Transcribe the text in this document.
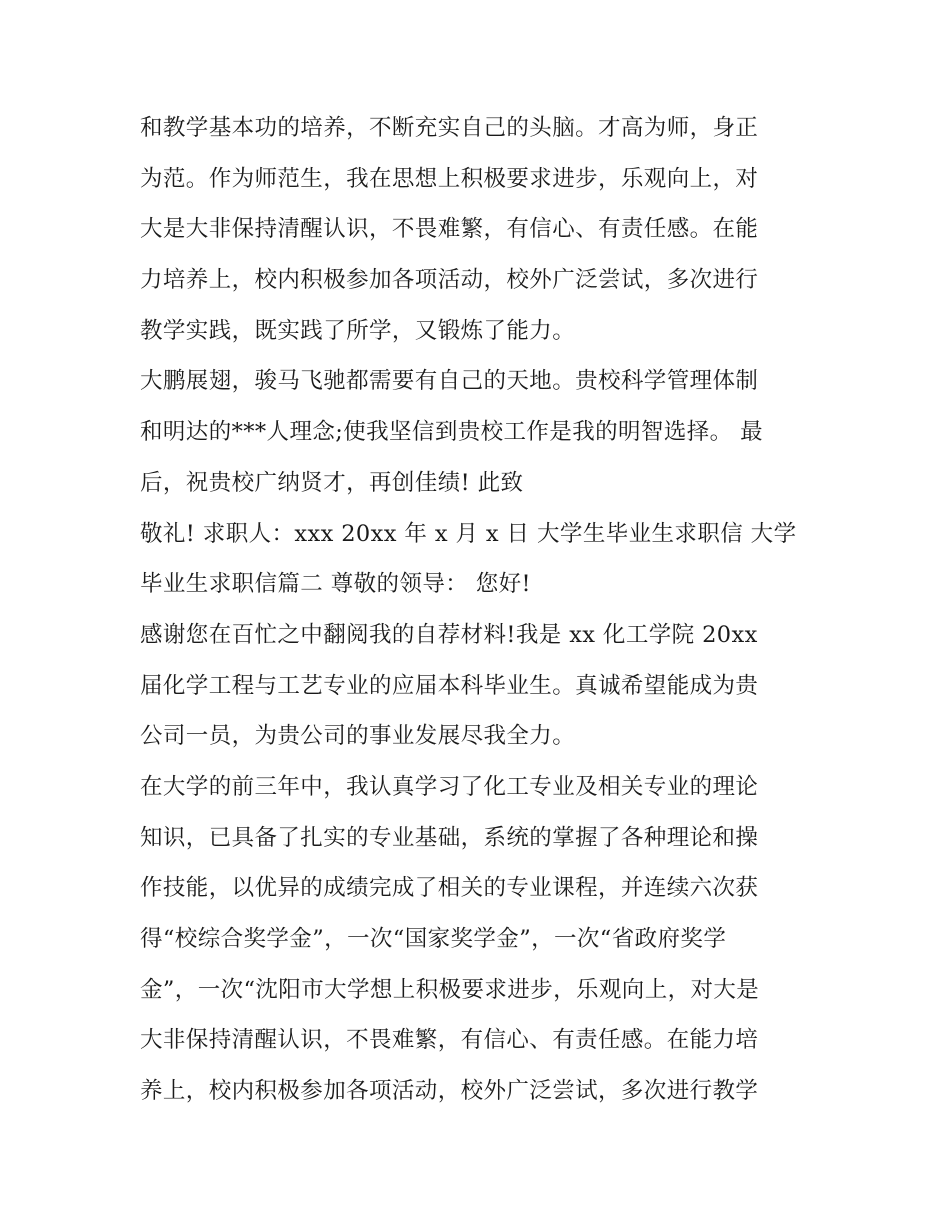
和教学基本功的培养，不断充实自己的头脑。才高为师，身正
为范。作为师范生，我在思想上积极要求进步，乐观向上，对
大是大非保持清醒认识，不畏难繁，有信心、有责任感。在能
力培养上，校内积极参加各项活动，校外广泛尝试，多次进行
教学实践，既实践了所学，又锻炼了能力。
大鹏展翅，骏马飞驰都需要有自己的天地。贵校科学管理体制
和明达的***人理念;使我坚信到贵校工作是我的明智选择。 最
后，祝贵校广纳贤才，再创佳绩! 此致
敬礼! 求职人：xxx 20xx 年 x 月 x 日 大学生毕业生求职信 大学
毕业生求职信篇二 尊敬的领导： 您好!
感谢您在百忙之中翻阅我的自荐材料!我是 xx 化工学院 20xx
届化学工程与工艺专业的应届本科毕业生。真诚希望能成为贵
公司一员，为贵公司的事业发展尽我全力。
在大学的前三年中，我认真学习了化工专业及相关专业的理论
知识，已具备了扎实的专业基础，系统的掌握了各种理论和操
作技能，以优异的成绩完成了相关的专业课程，并连续六次获
得“校综合奖学金”，一次“国家奖学金”，一次“省政府奖学
金”，一次“沈阳市大学想上积极要求进步，乐观向上，对大是
大非保持清醒认识，不畏难繁，有信心、有责任感。在能力培
养上，校内积极参加各项活动，校外广泛尝试，多次进行教学
